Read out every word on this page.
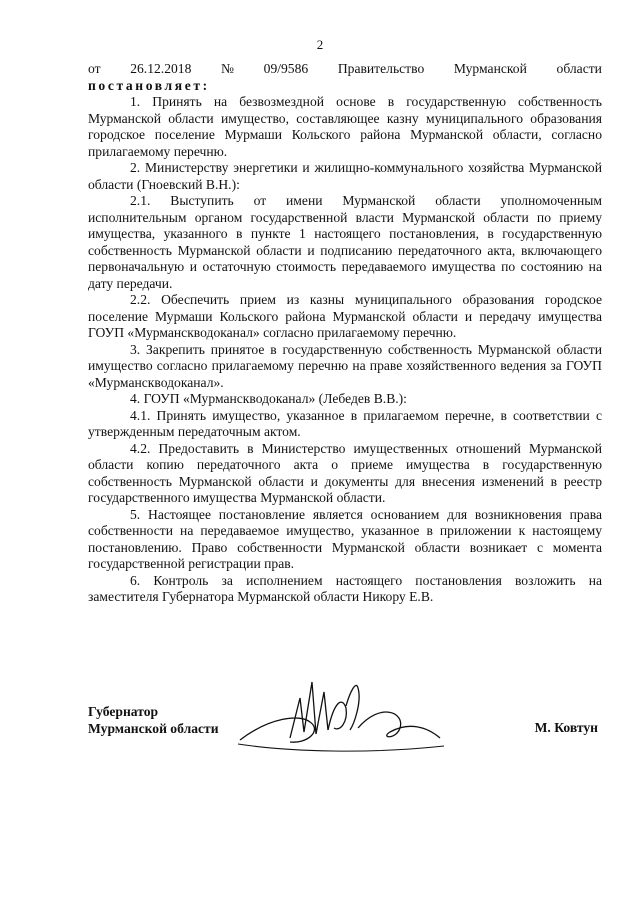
2
от 26.12.2018 № 09/9586 Правительство Мурманской области
постановляет:

1. Принять на безвозмездной основе в государственную собственность Мурманской области имущество, составляющее казну муниципального образования городское поселение Мурмаши Кольского района Мурманской области, согласно прилагаемому перечню.

2. Министерству энергетики и жилищно-коммунального хозяйства Мурманской области (Гноевский В.Н.):

2.1. Выступить от имени Мурманской области уполномоченным исполнительным органом государственной власти Мурманской области по приему имущества, указанного в пункте 1 настоящего постановления, в государственную собственность Мурманской области и подписанию передаточного акта, включающего первоначальную и остаточную стоимость передаваемого имущества по состоянию на дату передачи.

2.2. Обеспечить прием из казны муниципального образования городское поселение Мурмаши Кольского района Мурманской области и передачу имущества ГОУП «Мурманскводоканал» согласно прилагаемому перечню.

3. Закрепить принятое в государственную собственность Мурманской области имущество согласно прилагаемому перечню на праве хозяйственного ведения за ГОУП «Мурманскводоканал».

4. ГОУП «Мурманскводоканал» (Лебедев В.В.):

4.1. Принять имущество, указанное в прилагаемом перечне, в соответствии с утвержденным передаточным актом.

4.2. Предоставить в Министерство имущественных отношений Мурманской области копию передаточного акта о приеме имущества в государственную собственность Мурманской области и документы для внесения изменений в реестр государственного имущества Мурманской области.

5. Настоящее постановление является основанием для возникновения права собственности на передаваемое имущество, указанное в приложении к настоящему постановлению. Право собственности Мурманской области возникает с момента государственной регистрации прав.

6. Контроль за исполнением настоящего постановления возложить на заместителя Губернатора Мурманской области Никору Е.В.

Губернатор
Мурманской области	М. Ковтун
